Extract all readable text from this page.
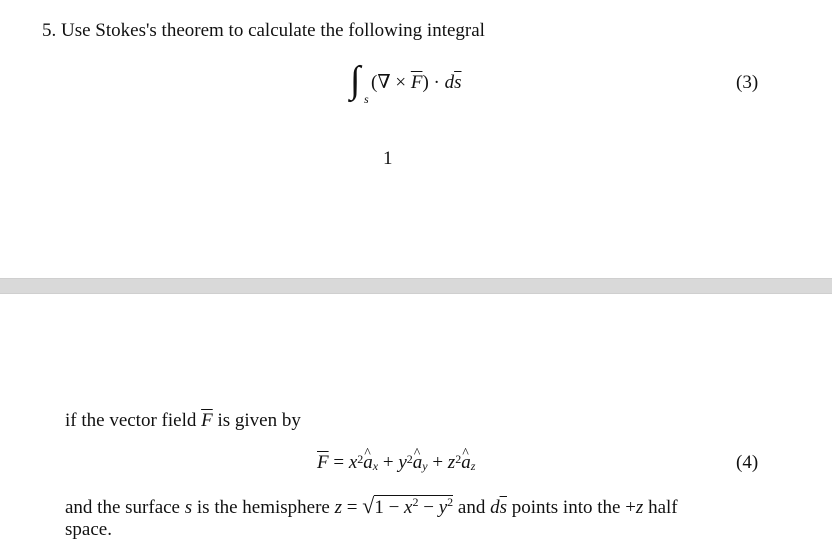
5. Use Stokes's theorem to calculate the following integral
∫ s
(∇ × $\overline{F}) \cdot d\overline{s}$	(3)
1
if the vector field $\overline{F}$ is given by
$\overline{F}$ = $x^2\^{}$ $a_x$ + $y^2\^{}$ $a_y$ + $z^2\^{}$ $a_z$	(4)
and the surface s is the hemisphere $z = √1 - x^2 - y^2$ and $d\overline{s}$ points into the +z half
space.
